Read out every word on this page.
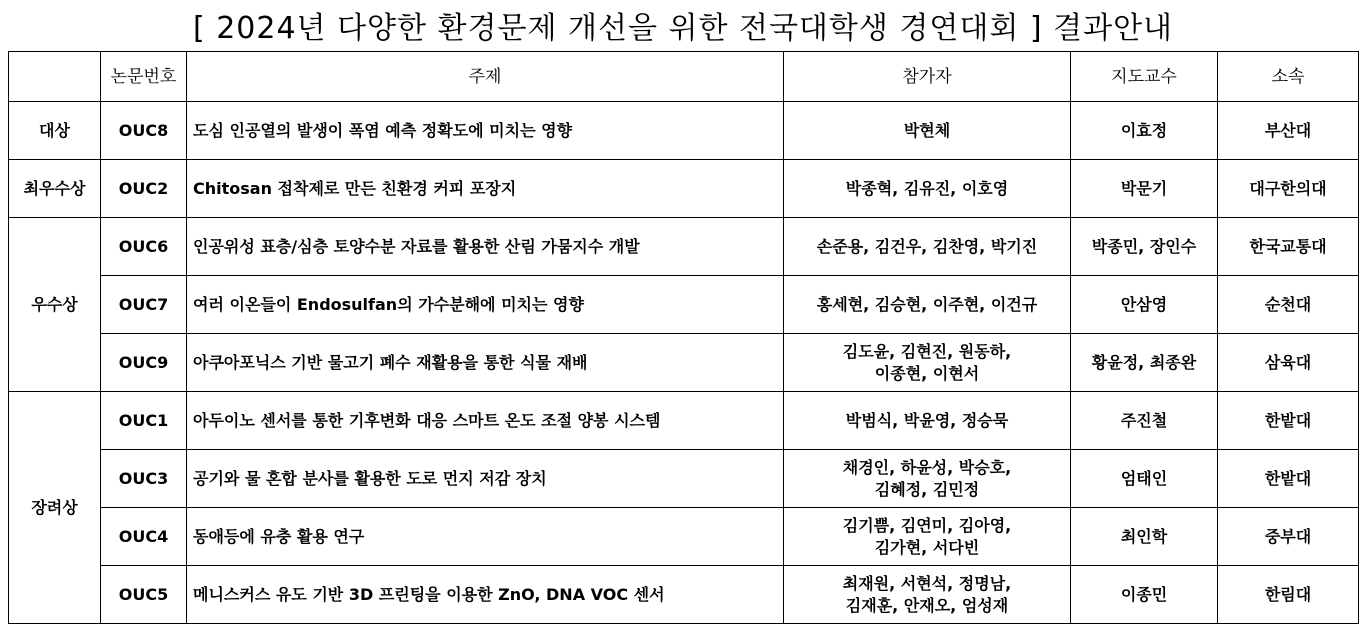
[ 2024년 다양한 환경문제 개선을 위한 전국대학생 경연대회 ] 결과안내
	논문번호	주제	참가자	지도교수	소속
대상	OUC8	도심 인공열의 발생이 폭염 예측 정확도에 미치는 영향	박현체	이효정	부산대
최우수상	OUC2	Chitosan 접착제로 만든 친환경 커피 포장지	박종혁, 김유진, 이호영	박문기	대구한의대
우수상	OUC6	인공위성 표층/심층 토양수분 자료를 활용한 산림 가뭄지수 개발	손준용, 김건우, 김찬영, 박기진	박종민, 장인수	한국교통대
	OUC7	여러 이온들이 Endosulfan의 가수분해에 미치는 영향	홍세현, 김승현, 이주현, 이건규	안삼영	순천대
	OUC9	아쿠아포닉스 기반 물고기 폐수 재활용을 통한 식물 재배	김도윤, 김현진, 원동하,
이종현, 이현서	황윤정, 최종완	삼육대
장려상	OUC1	아두이노 센서를 통한 기후변화 대응 스마트 온도 조절 양봉 시스템	박범식, 박윤영, 정승묵	주진철	한밭대
	OUC3	공기와 물 혼합 분사를 활용한 도로 먼지 저감 장치	채경인, 하윤성, 박승호,
김혜정, 김민정	엄태인	한밭대
	OUC4	동애등에 유충 활용 연구	김기쁨, 김연미, 김아영,
김가현, 서다빈	최인학	중부대
	OUC5	메니스커스 유도 기반 3D 프린팅을 이용한 ZnO, DNA VOC 센서	최재원, 서현석, 정명남,
김재훈, 안재오, 엄성재	이종민	한림대
